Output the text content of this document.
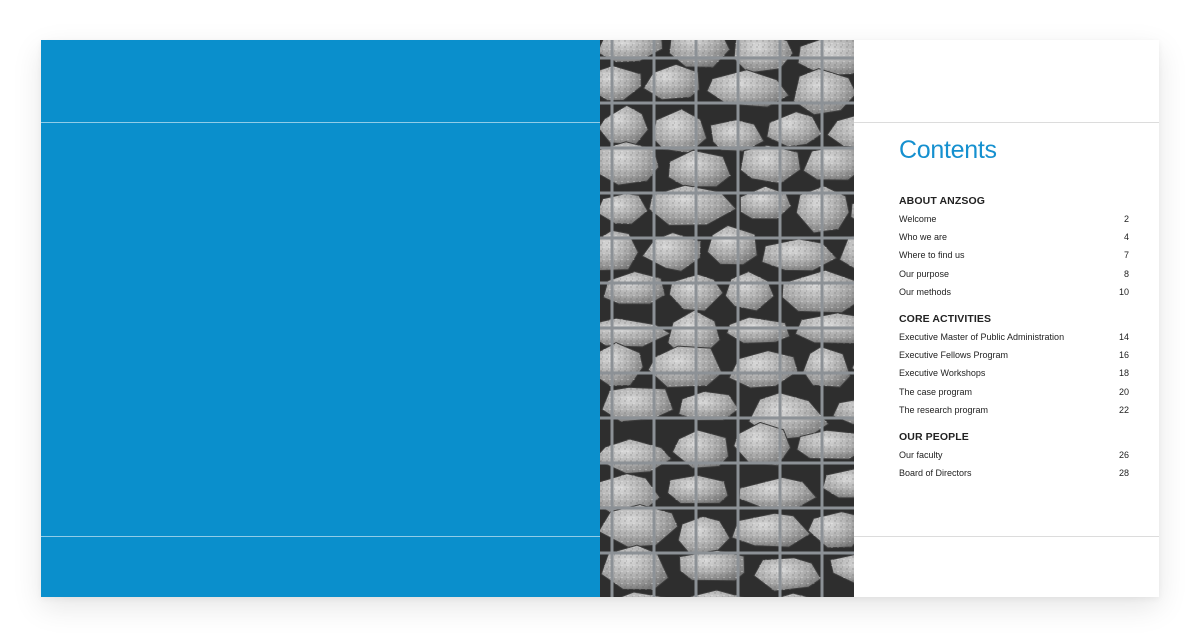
Contents
ABOUT ANZSOG
Welcome	2
Who we are	4
Where to find us	7
Our purpose	8
Our methods	10
CORE ACTIVITIES
Executive Master of Public Administration	14
Executive Fellows Program	16
Executive Workshops	18
The case program	20
The research program	22
OUR PEOPLE
Our faculty	26
Board of Directors	28
